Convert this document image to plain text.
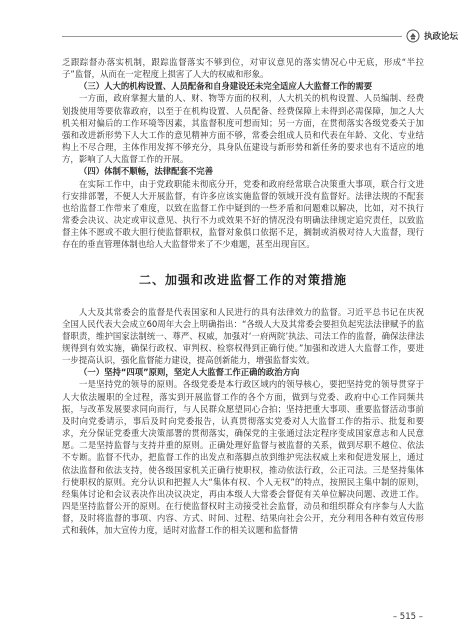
执政论坛

乏跟踪督办落实机制，跟踪监督落实不够到位，对审议意见的落实情况心中无底，形成“半拉子”监督，从而在一定程度上损害了人大的权威和形象。

（三）人大的机构设置、人员配备和自身建设还未完全适应人大监督工作的需要

一方面，政府掌握大量的人、财、物等方面的权利，人大机关的机构设置、人员编制、经费划拨使用等要依靠政府，以至于在机构设置、人员配备、经费保障上未得到必需保障，加之人大机关相对偏后的工作环境等因素，其监督积度可想而知；另一方面，在贯彻落实各级党委关于加强和改进新形势下人大工作的意见精神方面不够，常委会组成人员和代表在年龄、文化、专业结构上不尽合理，主体作用发挥不够充分，具身队伍建设与新形势和新任务的要求也有不适应的地方，影响了人大监督工作的开展。

（四）体制不顺畅，法律配套不完善

在实际工作中，由于党政职能未彻底分开，党委和政府经常联合决策重大事项，联合行文进行安排部署，不便人大开展监督，有许多应该实施监督的领域开没有监督好。法律法规的不配套也给监督工作带来了难度，以致在监督工作中疑到的一些矛盾和问题难以解决，比如，对不执行常委会决议、决定或审议意见、执行不力或效果不好的情况没有明确法律规定追究责任，以致监督主体不愿或不敢大胆行使监督职权，监督对象俱口依据不足，搁制或消极对待人大监督，现行存在的垂直管理体制也给人大监督带来了不少难题，甚至出现盲区。

二、加强和改进监督工作的对策措施

人大及其常委会的监督是代表国家和人民进行的具有法律效力的监督。习近平总书记在庆祝全国人民代表大会成立60周年大会上明确指出：“各级人大及其常委会要担负起宪法法律赋予的监督职责，维护国家法制统一、尊严、权威，加强对‘一府两院’执法、司法工作的监督，确保法律法规得到有效实施，确保行政权、审判权、检察权得到正确行使。”加强和改进人大监督工作，要进一步提高认识，强化监督能力建设，提高创新能力，增强监督实效。

（一）坚持“四项”原则，坚定人大监督工作正确的政治方向

一是坚持党的领导的原则。各级党委是本行政区域内的领导核心，要把坚持党的领导贯穿于人大依法履职的全过程，落实到开展监督工作的各个方面，做到与党委、政府中心工作同频共振，与改革发展要求同向而行，与人民群众愿望同心合拍；坚持把重大事项、重要监督活动事前及时向党委请示，事后及时向党委报告，认真贯彻落实党委对人大监督工作的指示、批复和要求，充分保证党委重大决策部署的贯彻落实，确保党的主张通过法定程序变成国家意志和人民意愿。二是坚持监督与支持并重的原则。正确处理好监督与被监督的关系，做到尽职不越位、依法不专断。监督不代办，把监督工作的出发点和落脚点放到维护宪法权威上来和促进发展上，通过依法监督和依法支持，使各级国家机关正确行使职权，推动依法行政，公正司法。三是坚持集体行使职权的原则。充分认识和把握人大“集体有权、个人无权”的特点，按照民主集中制的原则，经集体讨论和会议表决作出决议决定，再由本级人大常委会督促有关单位解决问题、改进工作。四是坚持监督公开的原则。在行使监督权时主动接受社会监督，动员和组织群众有序参与人大监督，及时将监督的事项、内容、方式、时间、过程、结果向社会公开，充分利用各种有效宣传形式和载体，加大宣传力度，适时对监督工作的相关议题和监督情

– 515 –
